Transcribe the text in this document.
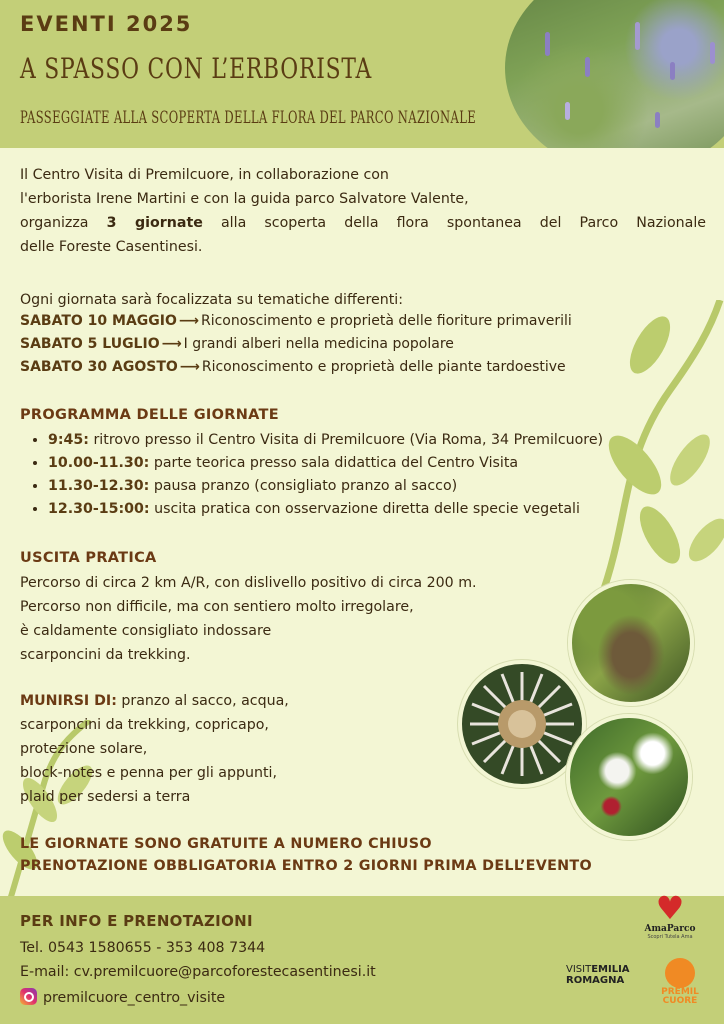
EVENTI 2025

A SPASSO CON L’ERBORISTA

PASSEGGIATE ALLA SCOPERTA DELLA FLORA DEL PARCO NAZIONALE

Il Centro Visita di Premilcuore, in collaborazione con

l'erborista Irene Martini e con la guida parco Salvatore Valente,

organizza 3 giornate alla scoperta della flora spontanea del Parco Nazionale

delle Foreste Casentinesi.

Ogni giornata sarà focalizzata su tematiche differenti:

SABATO 10 MAGGIO ⟶ Riconoscimento e proprietà delle fioriture primaverili
SABATO 5 LUGLIO ⟶ I grandi alberi nella medicina popolare
SABATO 30 AGOSTO ⟶ Riconoscimento e proprietà delle piante tardoestive

PROGRAMMA DELLE GIORNATE

• 9:45: ritrovo presso il Centro Visita di Premilcuore (Via Roma, 34 Premilcuore)
• 10.00-11.30: parte teorica presso sala didattica del Centro Visita
• 11.30-12.30: pausa pranzo (consigliato pranzo al sacco)
• 12.30-15:00: uscita pratica con osservazione diretta delle specie vegetali

USCITA PRATICA

Percorso di circa 2 km A/R, con dislivello positivo di circa 200 m.

Percorso non difficile, ma con sentiero molto irregolare,

è caldamente consigliato indossare

scarponcini da trekking.

MUNIRSI DI: pranzo al sacco, acqua,

scarponcini da trekking, copricapo,

protezione solare,

block-notes e penna per gli appunti,

plaid per sedersi a terra

LE GIORNATE SONO GRATUITE A NUMERO CHIUSO

PRENOTAZIONE OBBLIGATORIA ENTRO 2 GIORNI PRIMA DELL’EVENTO

PER INFO E PRENOTAZIONI

Tel. 0543 1580655 - 353 408 7344

E-mail: cv.premilcuore@parcoforestecasentinesi.it

premilcuore_centro_visite

♥
AmaParco
Scopri Tutela Ama
VISITEMILIA
ROMAGNA
PREMIL
CUORE
